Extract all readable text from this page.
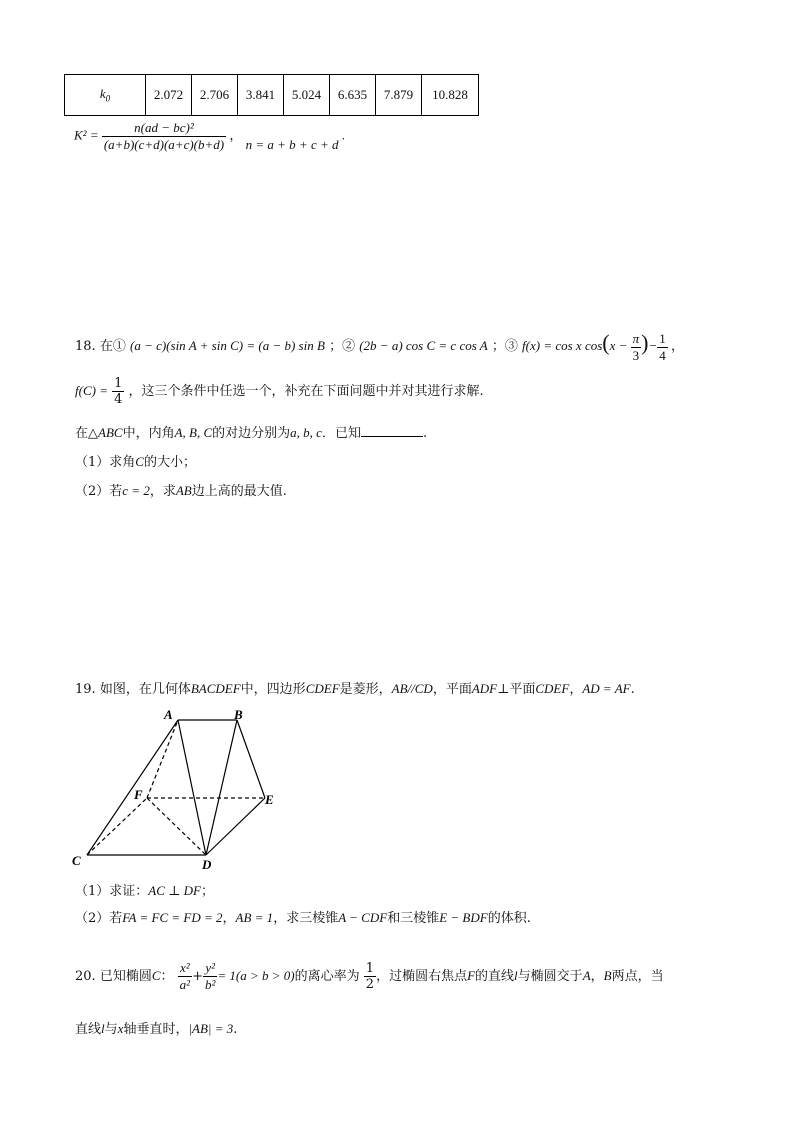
$k_0$	2.072	2.706	3.841	5.024	6.635	7.879	10.828
$K^2 = \frac{\text{n(ad − bc)²}}{(a+b)(c+d)(a+c)(b+d)}$ ， n = a + b + c + d .
18. 在① (a − c)(sin A + sin C) = (a − b) sin B ；② (2b − a) cos C = c cos A ；③ f(x) = cos x $\cos(x - \frac{\pi}{3}$ )− $\frac{1}{4}$ ，
$f(C) = \frac{1}{4}$ ，这三个条件中任选一个，补充在下面问题中并对其进行求解.
在△ABC中，内角A, B, C的对边分别为a, b, c．已知	.
（1）求角C的大小；
（2）若c = 2，求AB边上高的最大值.
19. 如图，在几何体BACDEF中，四边形CDEF是菱形，AB//CD，平面ADF⊥平面CDEF，AD = AF.
A	B
C	D
E
F
（1）求证：AC ⊥ DF；
（2）若FA = FC = FD = 2，AB = 1，求三棱锥A − CDF和三棱锥E − BDF的体积.
20. 已知椭圆C： $\frac{\text{x²}}{\text{a²}} + \frac{\text{y²}}{\text{b²}} = 1(a > b > 0)$的离心率为 $\frac{1}{2}$ ，过椭圆右焦点F的直线l与椭圆交于A，B两点，当
直线l与x轴垂直时，|AB| = 3.
